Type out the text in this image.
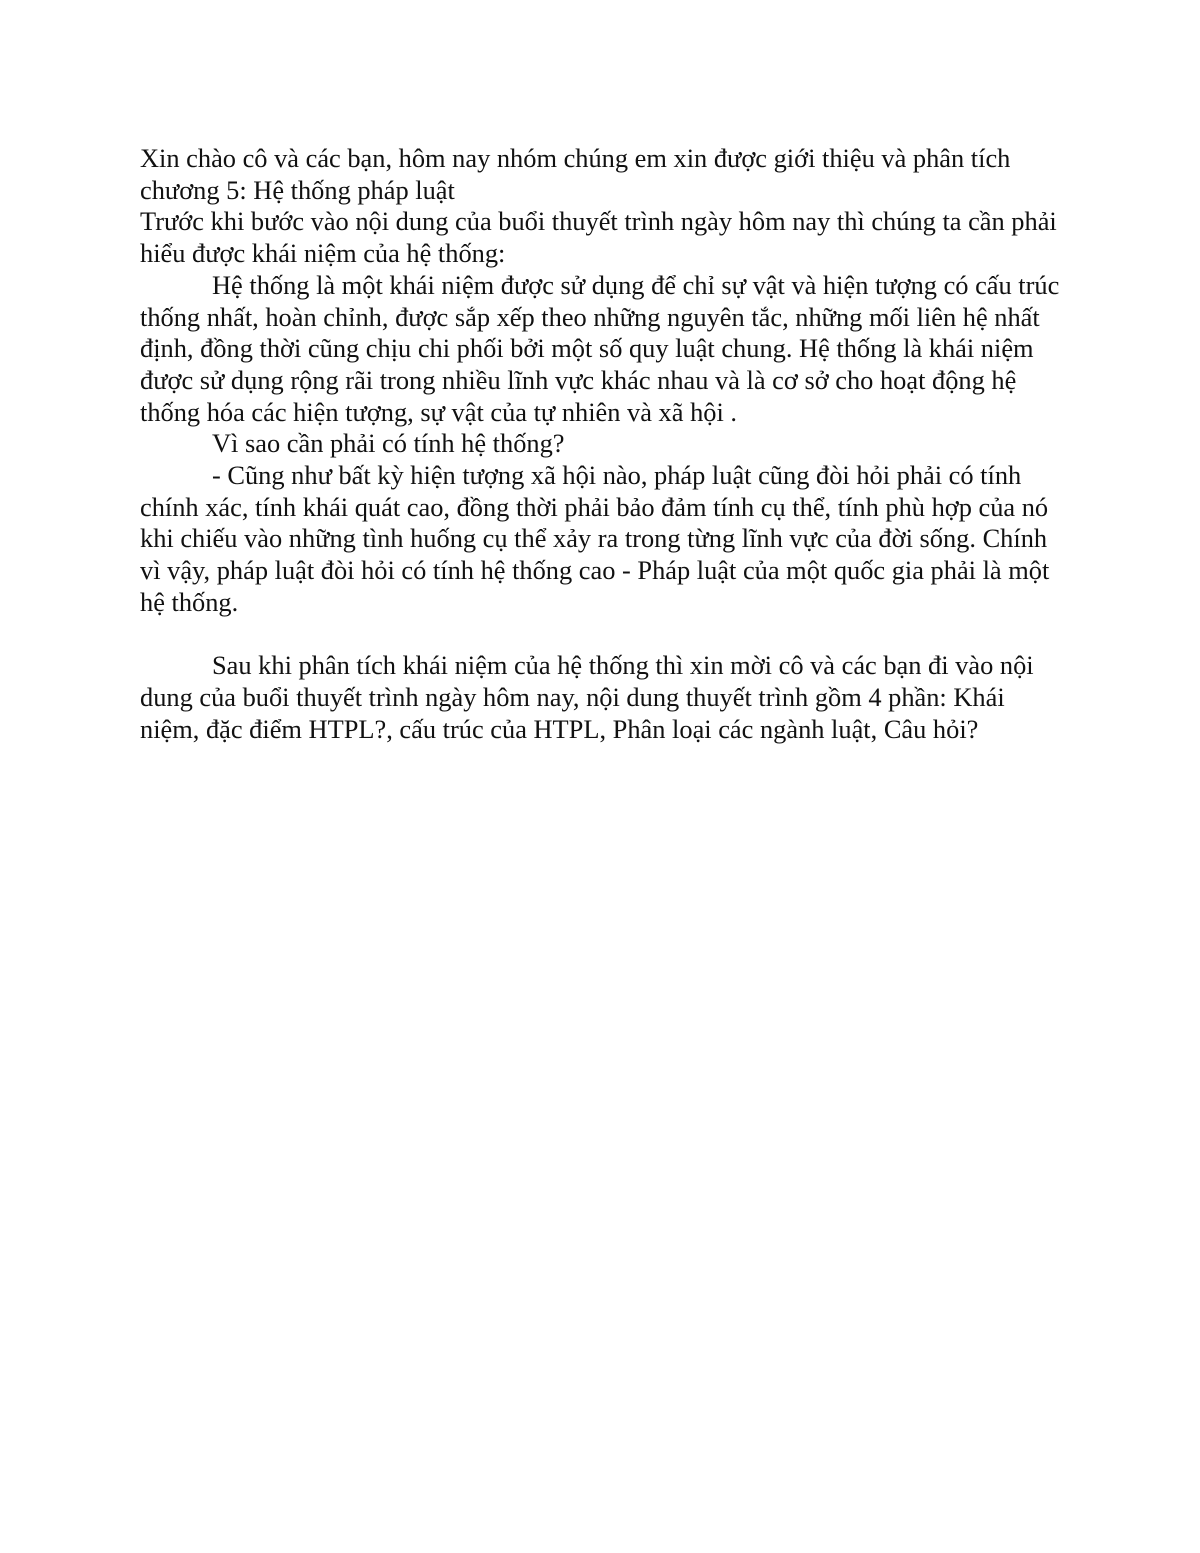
Xin chào cô và các bạn, hôm nay nhóm chúng em xin được giới thiệu và phân tích chương 5: Hệ thống pháp luật

Trước khi bước vào nội dung của buổi thuyết trình ngày hôm nay thì chúng ta cần phải hiểu được khái niệm của hệ thống:

Hệ thống là một khái niệm được sử dụng để chỉ sự vật và hiện tượng có cấu trúc thống nhất, hoàn chỉnh, được sắp xếp theo những nguyên tắc, những mối liên hệ nhất định, đồng thời cũng chịu chi phối bởi một số quy luật chung. Hệ thống là khái niệm được sử dụng rộng rãi trong nhiều lĩnh vực khác nhau và là cơ sở cho hoạt động hệ thống hóa các hiện tượng, sự vật của tự nhiên và xã hội .

Vì sao cần phải có tính hệ thống?

- Cũng như bất kỳ hiện tượng xã hội nào, pháp luật cũng đòi hỏi phải có tính chính xác, tính khái quát cao, đồng thời phải bảo đảm tính cụ thể, tính phù hợp của nó khi chiếu vào những tình huống cụ thể xảy ra trong từng lĩnh vực của đời sống. Chính vì vậy, pháp luật đòi hỏi có tính hệ thống cao - Pháp luật của một quốc gia phải là một hệ thống.

Sau khi phân tích khái niệm của hệ thống thì xin mời cô và các bạn đi vào nội dung của buổi thuyết trình ngày hôm nay, nội dung thuyết trình gồm 4 phần: Khái niệm, đặc điểm HTPL?, cấu trúc của HTPL, Phân loại các ngành luật, Câu hỏi?
